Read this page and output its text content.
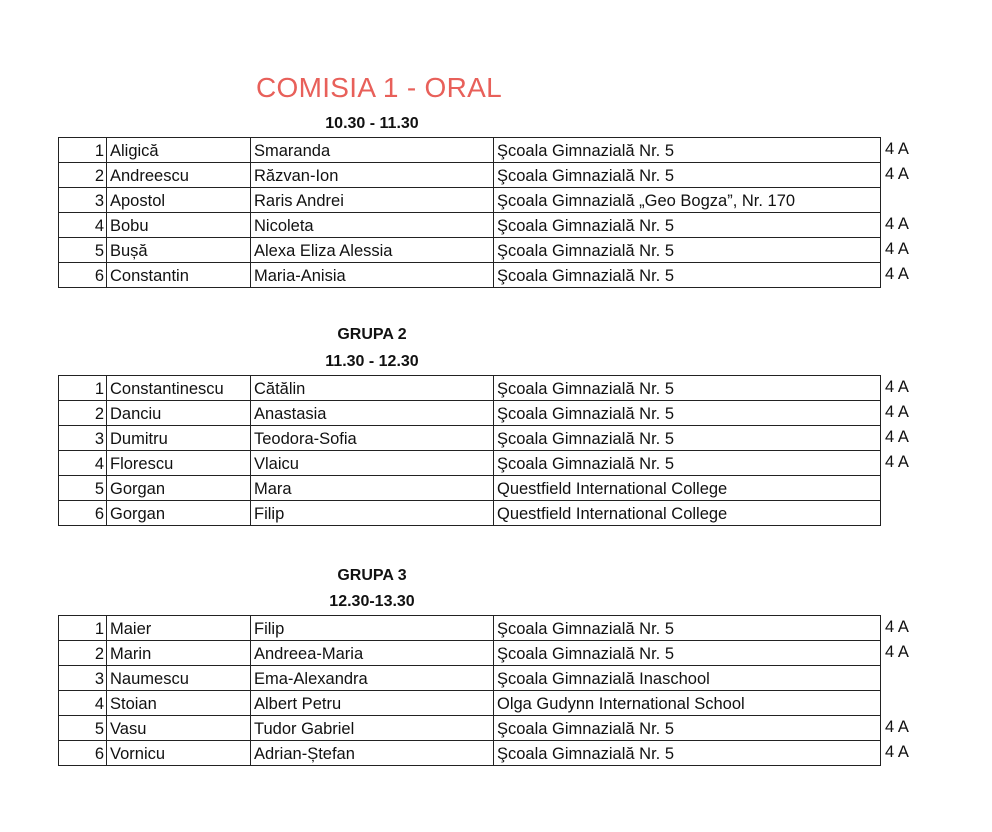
COMISIA 1 - ORAL
10.30 - 11.30
1 Aligică	Smaranda	Şcoala Gimnazială Nr. 5	4 A
2 Andreescu	Răzvan-Ion	Şcoala Gimnazială Nr. 5	4 A
3 Apostol	Raris Andrei	Şcoala Gimnazială „Geo Bogza”, Nr. 170
4 Bobu	Nicoleta	Şcoala Gimnazială Nr. 5	4 A
5 Bușă	Alexa Eliza Alessia	Şcoala Gimnazială Nr. 5	4 A
6 Constantin	Maria-Anisia	Şcoala Gimnazială Nr. 5	4 A
GRUPA 2
11.30 - 12.30
1 Constantinescu	Cătălin	Şcoala Gimnazială Nr. 5	4 A
2 Danciu	Anastasia	Şcoala Gimnazială Nr. 5	4 A
3 Dumitru	Teodora-Sofia	Şcoala Gimnazială Nr. 5	4 A
4 Florescu	Vlaicu	Şcoala Gimnazială Nr. 5	4 A
5 Gorgan	Mara	Questfield International College
6 Gorgan	Filip	Questfield International College
GRUPA 3
12.30-13.30
1 Maier	Filip	Şcoala Gimnazială Nr. 5	4 A
2 Marin	Andreea-Maria	Şcoala Gimnazială Nr. 5	4 A
3 Naumescu	Ema-Alexandra	Şcoala Gimnazială Inaschool
4 Stoian	Albert Petru	Olga Gudynn International School
5 Vasu	Tudor Gabriel	Şcoala Gimnazială Nr. 5	4 A
6 Vornicu	Adrian-Ștefan	Şcoala Gimnazială Nr. 5	4 A
